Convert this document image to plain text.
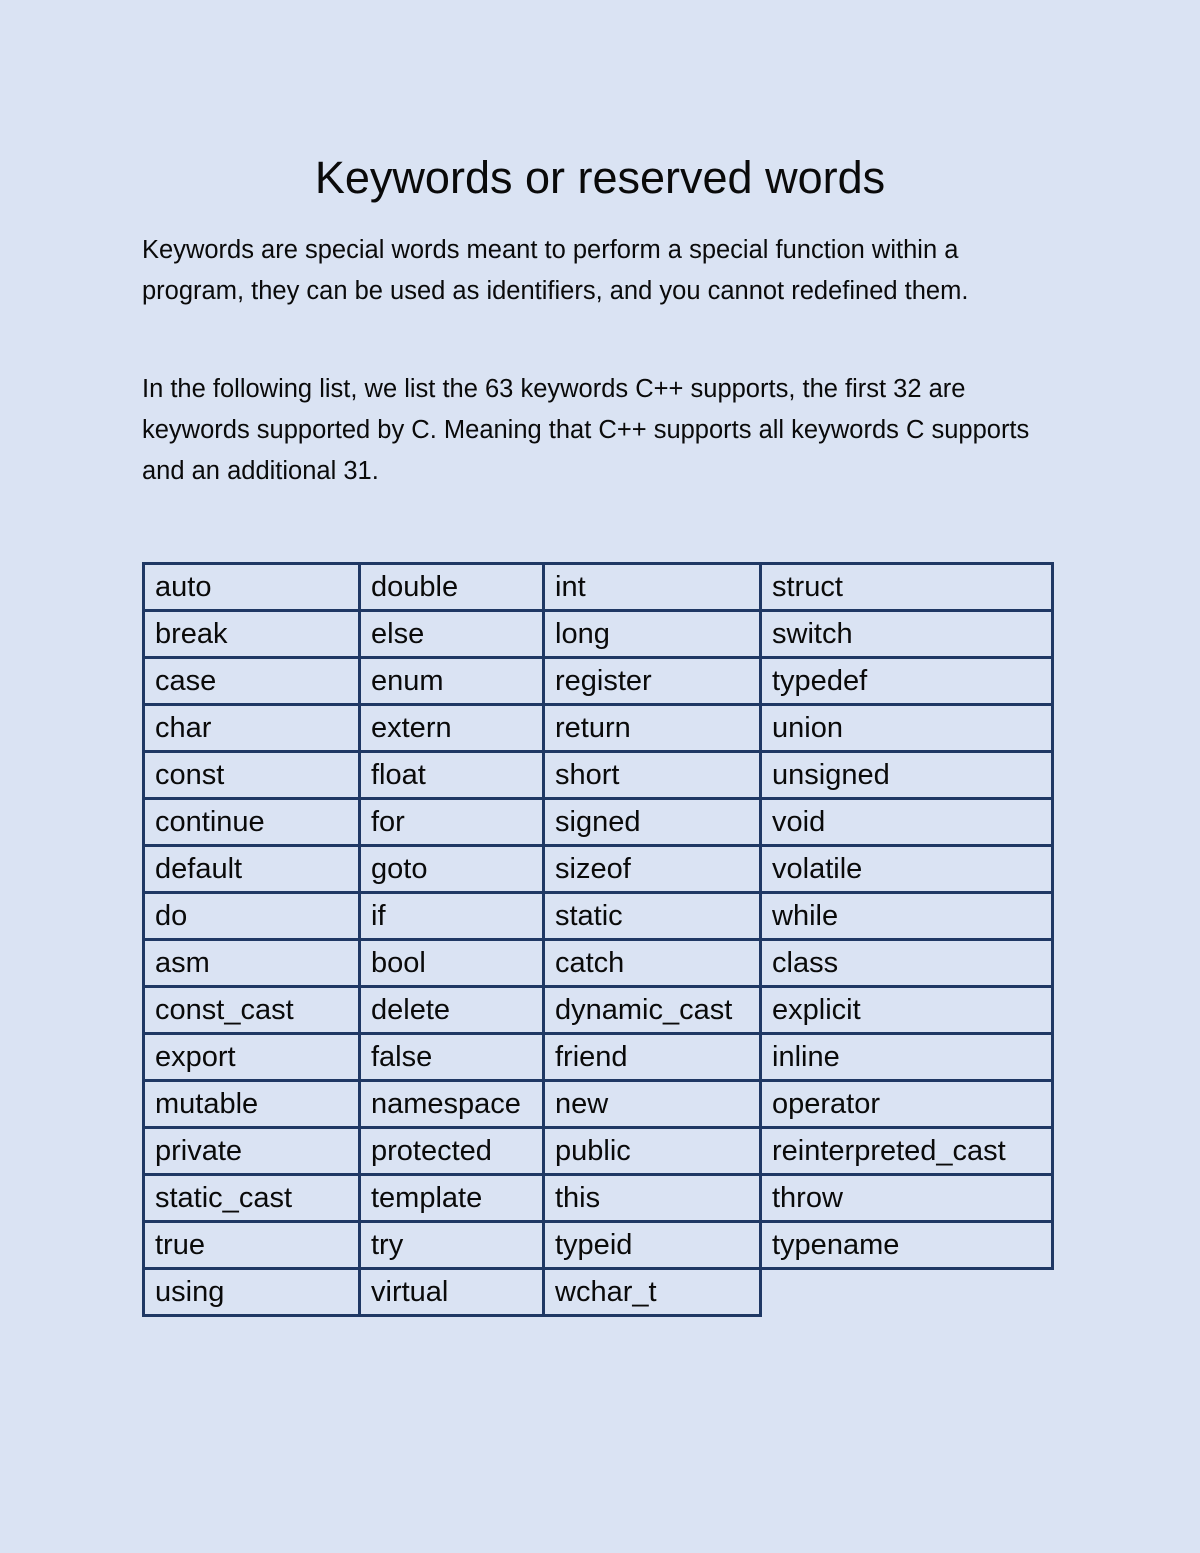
Keywords or reserved words

Keywords are special words meant to perform a special function within a program, they can be used as identifiers, and you cannot redefined them.

In the following list, we list the 63 keywords C++ supports, the first 32 are keywords supported by C. Meaning that C++ supports all keywords C supports and an additional 31.

auto	double	int	struct
break	else	long	switch
case	enum	register	typedef
char	extern	return	union
const	float	short	unsigned
continue	for	signed	void
default	goto	sizeof	volatile
do	if	static	while
asm	bool	catch	class
const_cast	delete	dynamic_cast	explicit
export	false	friend	inline
mutable	namespace	new	operator
private	protected	public	reinterpreted_cast
static_cast	template	this	throw
true	try	typeid	typename
using	virtual	wchar_t	
